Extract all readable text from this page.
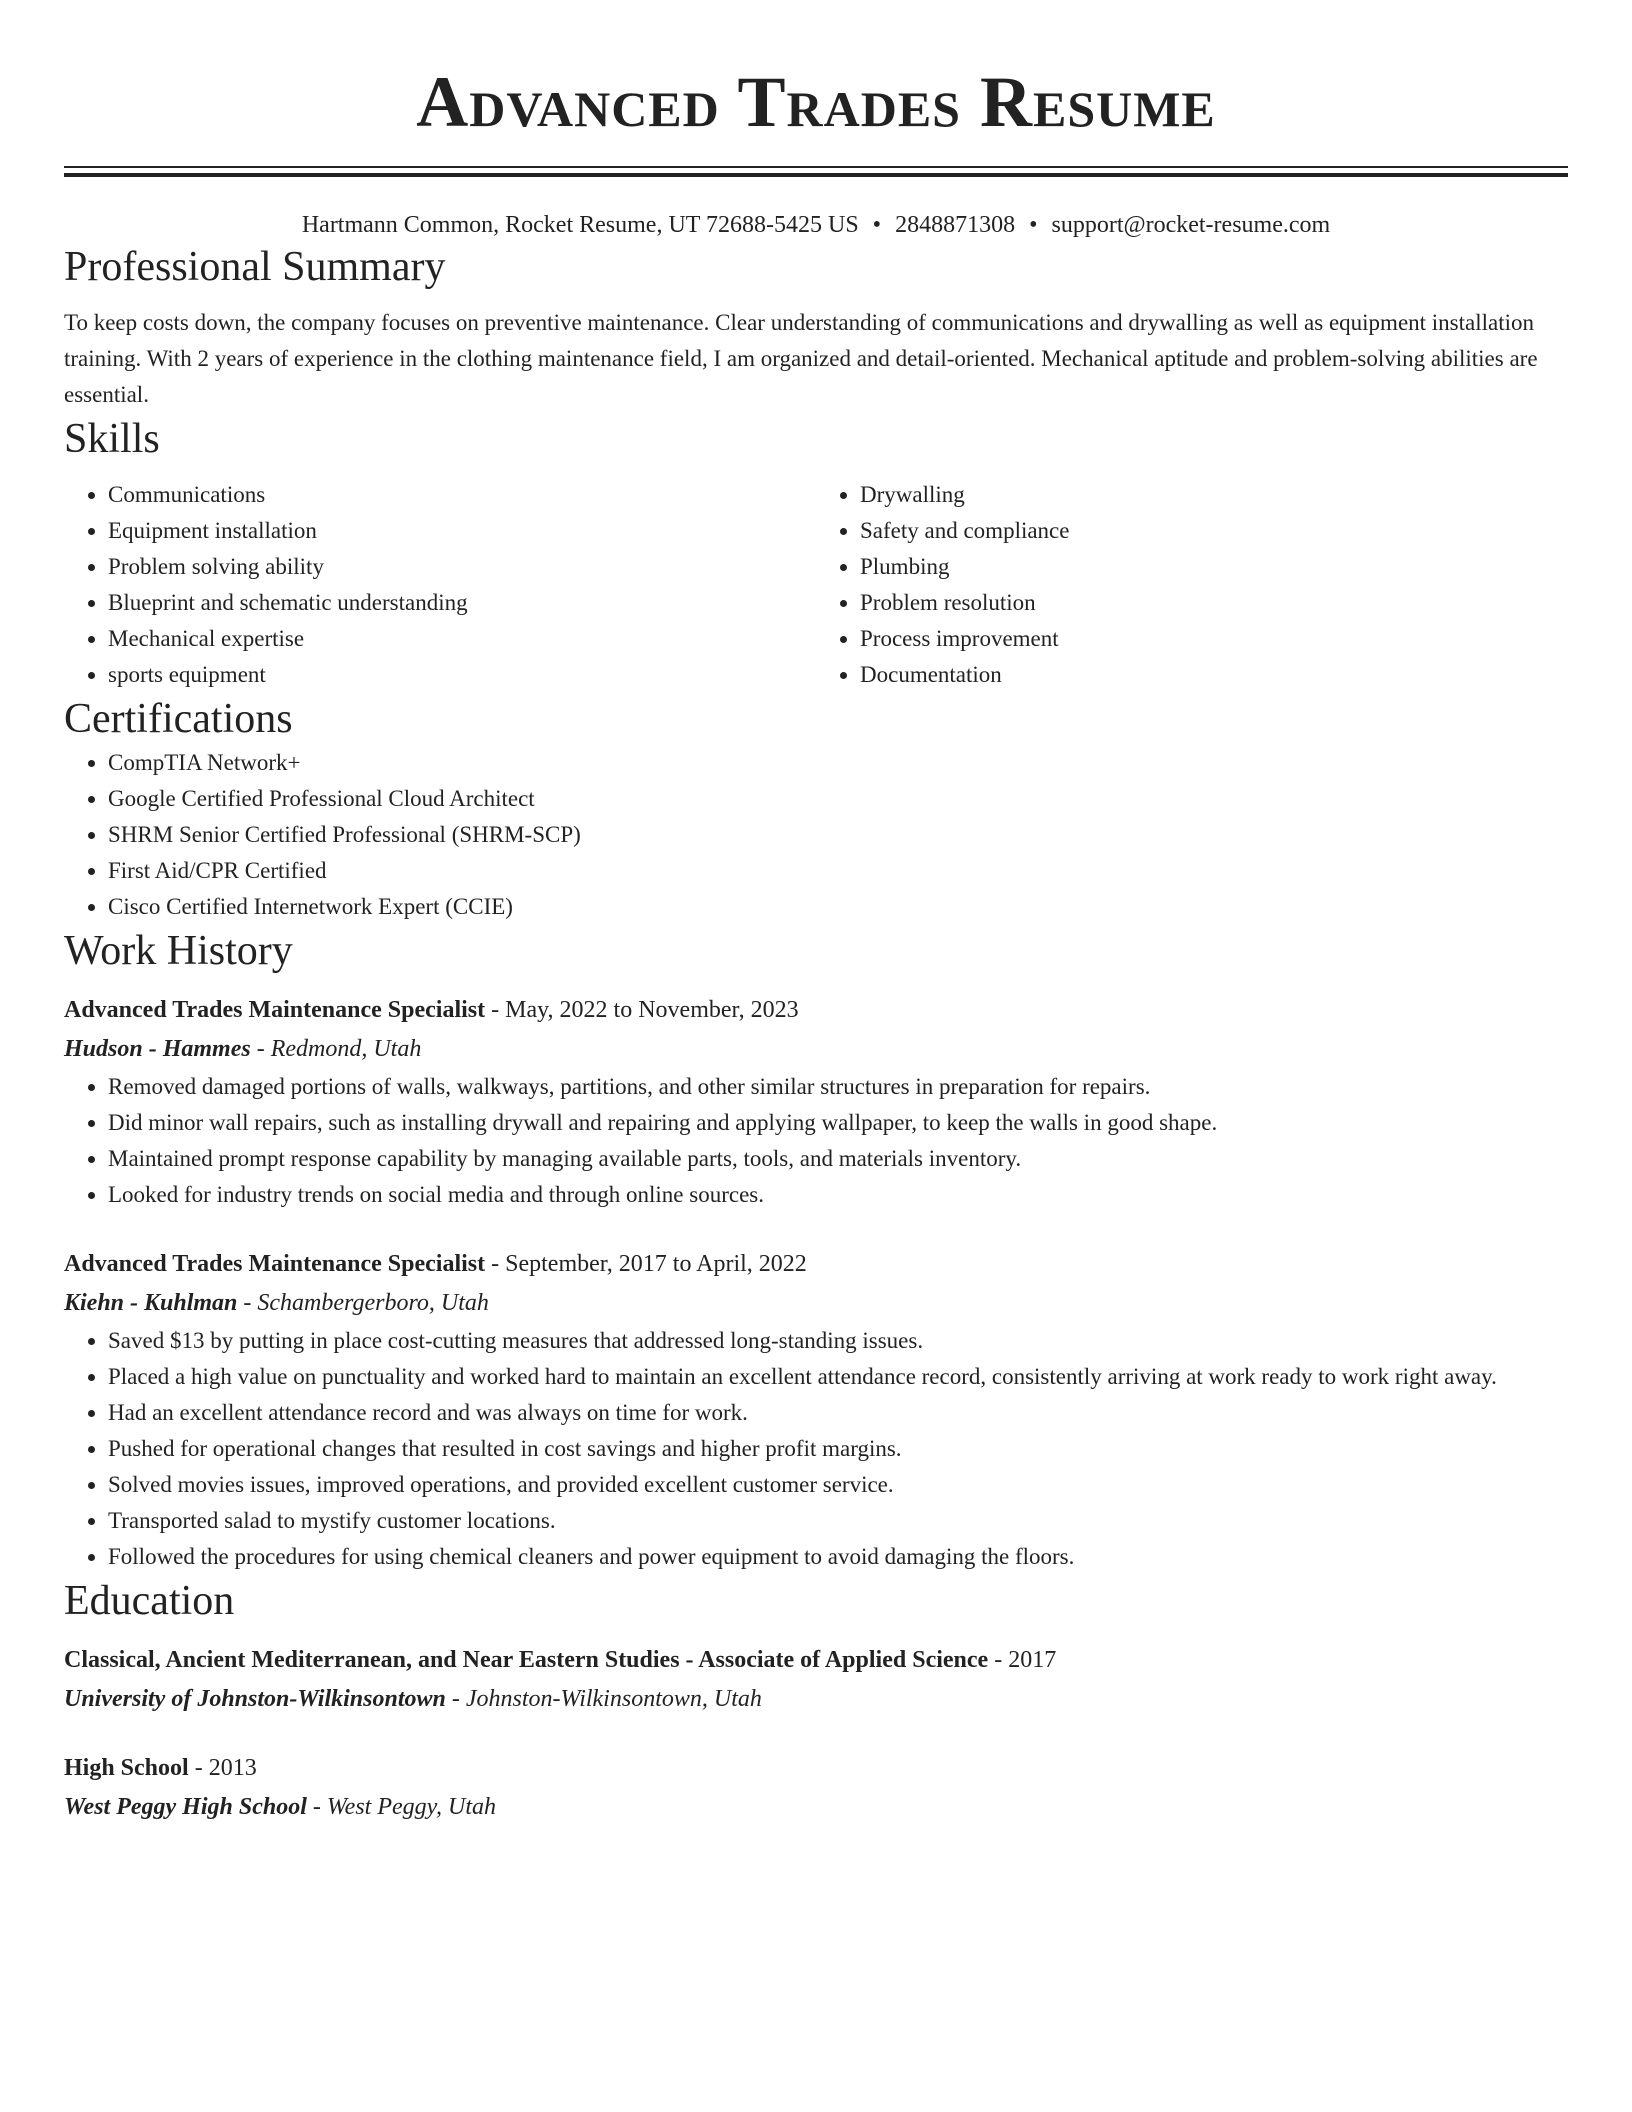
Advanced Trades Resume
Hartmann Common, Rocket Resume, UT 72688-5425 US • 2848871308 • support@rocket-resume.com
Professional Summary

To keep costs down, the company focuses on preventive maintenance. Clear understanding of communications and drywalling as well as equipment installation training. With 2 years of experience in the clothing maintenance field, I am organized and detail-oriented. Mechanical aptitude and problem-solving abilities are essential.

Skills
• Communications
• Equipment installation
• Problem solving ability
• Blueprint and schematic understanding
• Mechanical expertise
• sports equipment
• Drywalling
• Safety and compliance
• Plumbing
• Problem resolution
• Process improvement
• Documentation
Certifications
• CompTIA Network+
• Google Certified Professional Cloud Architect
• SHRM Senior Certified Professional (SHRM-SCP)
• First Aid/CPR Certified
• Cisco Certified Internetwork Expert (CCIE)
Work History
Advanced Trades Maintenance Specialist - May, 2022 to November, 2023
Hudson - Hammes - Redmond, Utah
• Removed damaged portions of walls, walkways, partitions, and other similar structures in preparation for repairs.
• Did minor wall repairs, such as installing drywall and repairing and applying wallpaper, to keep the walls in good shape.
• Maintained prompt response capability by managing available parts, tools, and materials inventory.
• Looked for industry trends on social media and through online sources.
Advanced Trades Maintenance Specialist - September, 2017 to April, 2022
Kiehn - Kuhlman - Schambergerboro, Utah
• Saved $13 by putting in place cost-cutting measures that addressed long-standing issues.
• Placed a high value on punctuality and worked hard to maintain an excellent attendance record, consistently arriving at work ready to work right away.
• Had an excellent attendance record and was always on time for work.
• Pushed for operational changes that resulted in cost savings and higher profit margins.
• Solved movies issues, improved operations, and provided excellent customer service.
• Transported salad to mystify customer locations.
• Followed the procedures for using chemical cleaners and power equipment to avoid damaging the floors.
Education
Classical, Ancient Mediterranean, and Near Eastern Studies - Associate of Applied Science - 2017
University of Johnston-Wilkinsontown - Johnston-Wilkinsontown, Utah
High School - 2013
West Peggy High School - West Peggy, Utah
